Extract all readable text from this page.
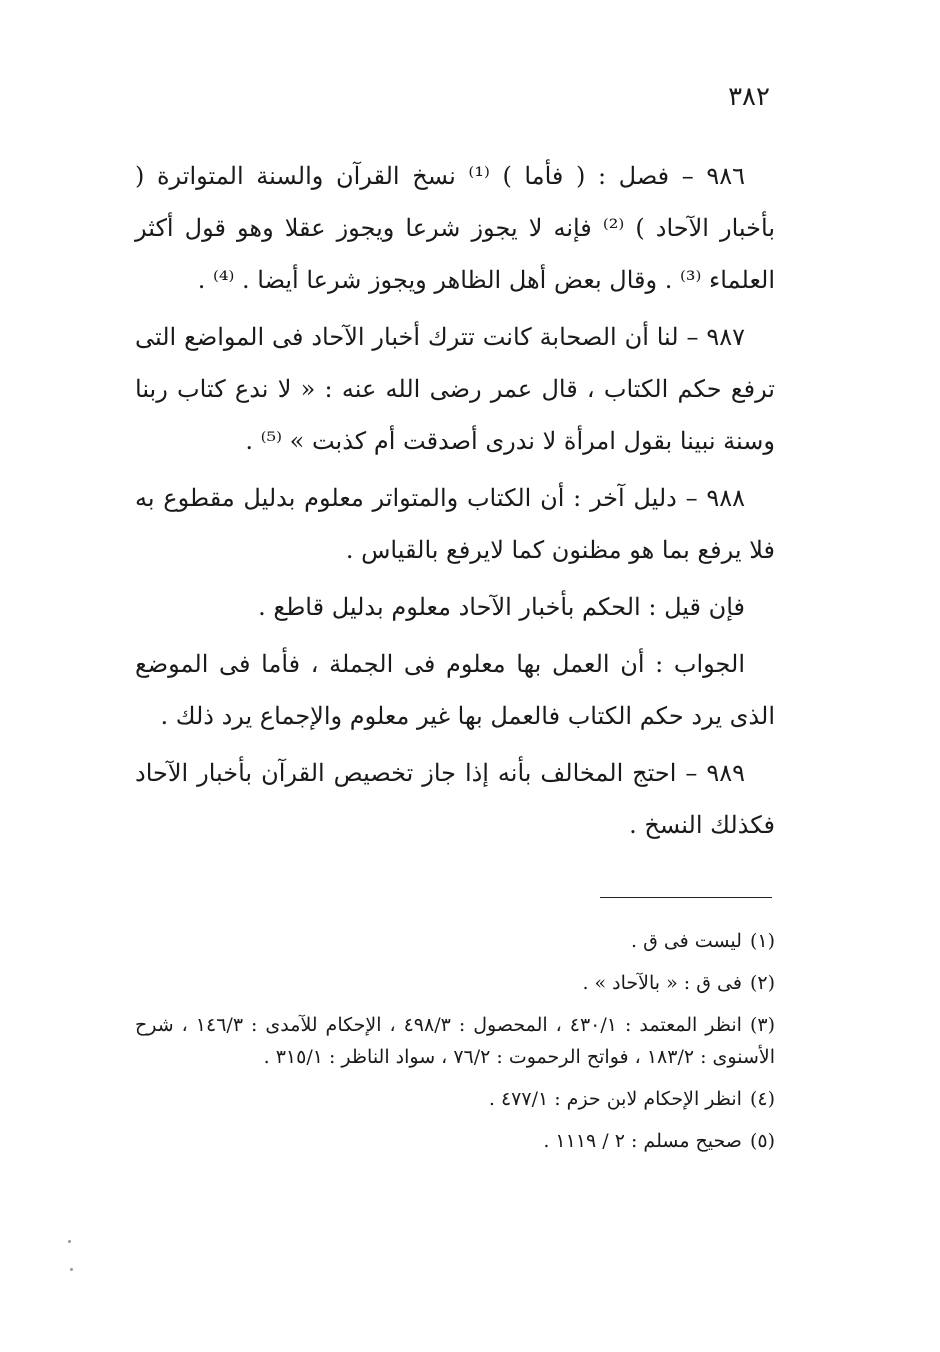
٣٨٢

٩٨٦ – فصل : ( فأما ) ⁽¹⁾ نسخ القرآن والسنة المتواترة ( بأخبار الآحاد ) ⁽²⁾ فإنه لا يجوز شرعا ويجوز عقلا وهو قول أكثر العلماء ⁽³⁾ . وقال بعض أهل الظاهر ويجوز شرعا أيضا . ⁽⁴⁾ .

٩٨٧ – لنا أن الصحابة كانت تترك أخبار الآحاد فى المواضع التى ترفع حكم الكتاب ، قال عمر رضى الله عنه : « لا ندع كتاب ربنا وسنة نبينا بقول امرأة لا ندرى أصدقت أم كذبت » ⁽⁵⁾ .

٩٨٨ – دليل آخر : أن الكتاب والمتواتر معلوم بدليل مقطوع به فلا يرفع بما هو مظنون كما لايرفع بالقياس .

فإن قيل : الحكم بأخبار الآحاد معلوم بدليل قاطع .

الجواب : أن العمل بها معلوم فى الجملة ، فأما فى الموضع الذى يرد حكم الكتاب فالعمل بها غير معلوم والإجماع يرد ذلك .

٩٨٩ – احتج المخالف بأنه إذا جاز تخصيص القرآن بأخبار الآحاد فكذلك النسخ .

(١)ليست فى ق .

(٢)فى ق : « بالآحاد » .

(٣)انظر المعتمد : ٤٣٠/١ ، المحصول : ٤٩٨/٣ ، الإحكام للآمدى : ١٤٦/٣ ، شرح الأسنوى : ١٨٣/٢ ، فواتح الرحموت : ٧٦/٢ ، سواد الناظر : ٣١٥/١ .

(٤)انظر الإحكام لابن حزم : ٤٧٧/١ .

(٥)صحيح مسلم : ٢ / ١١١٩ .
